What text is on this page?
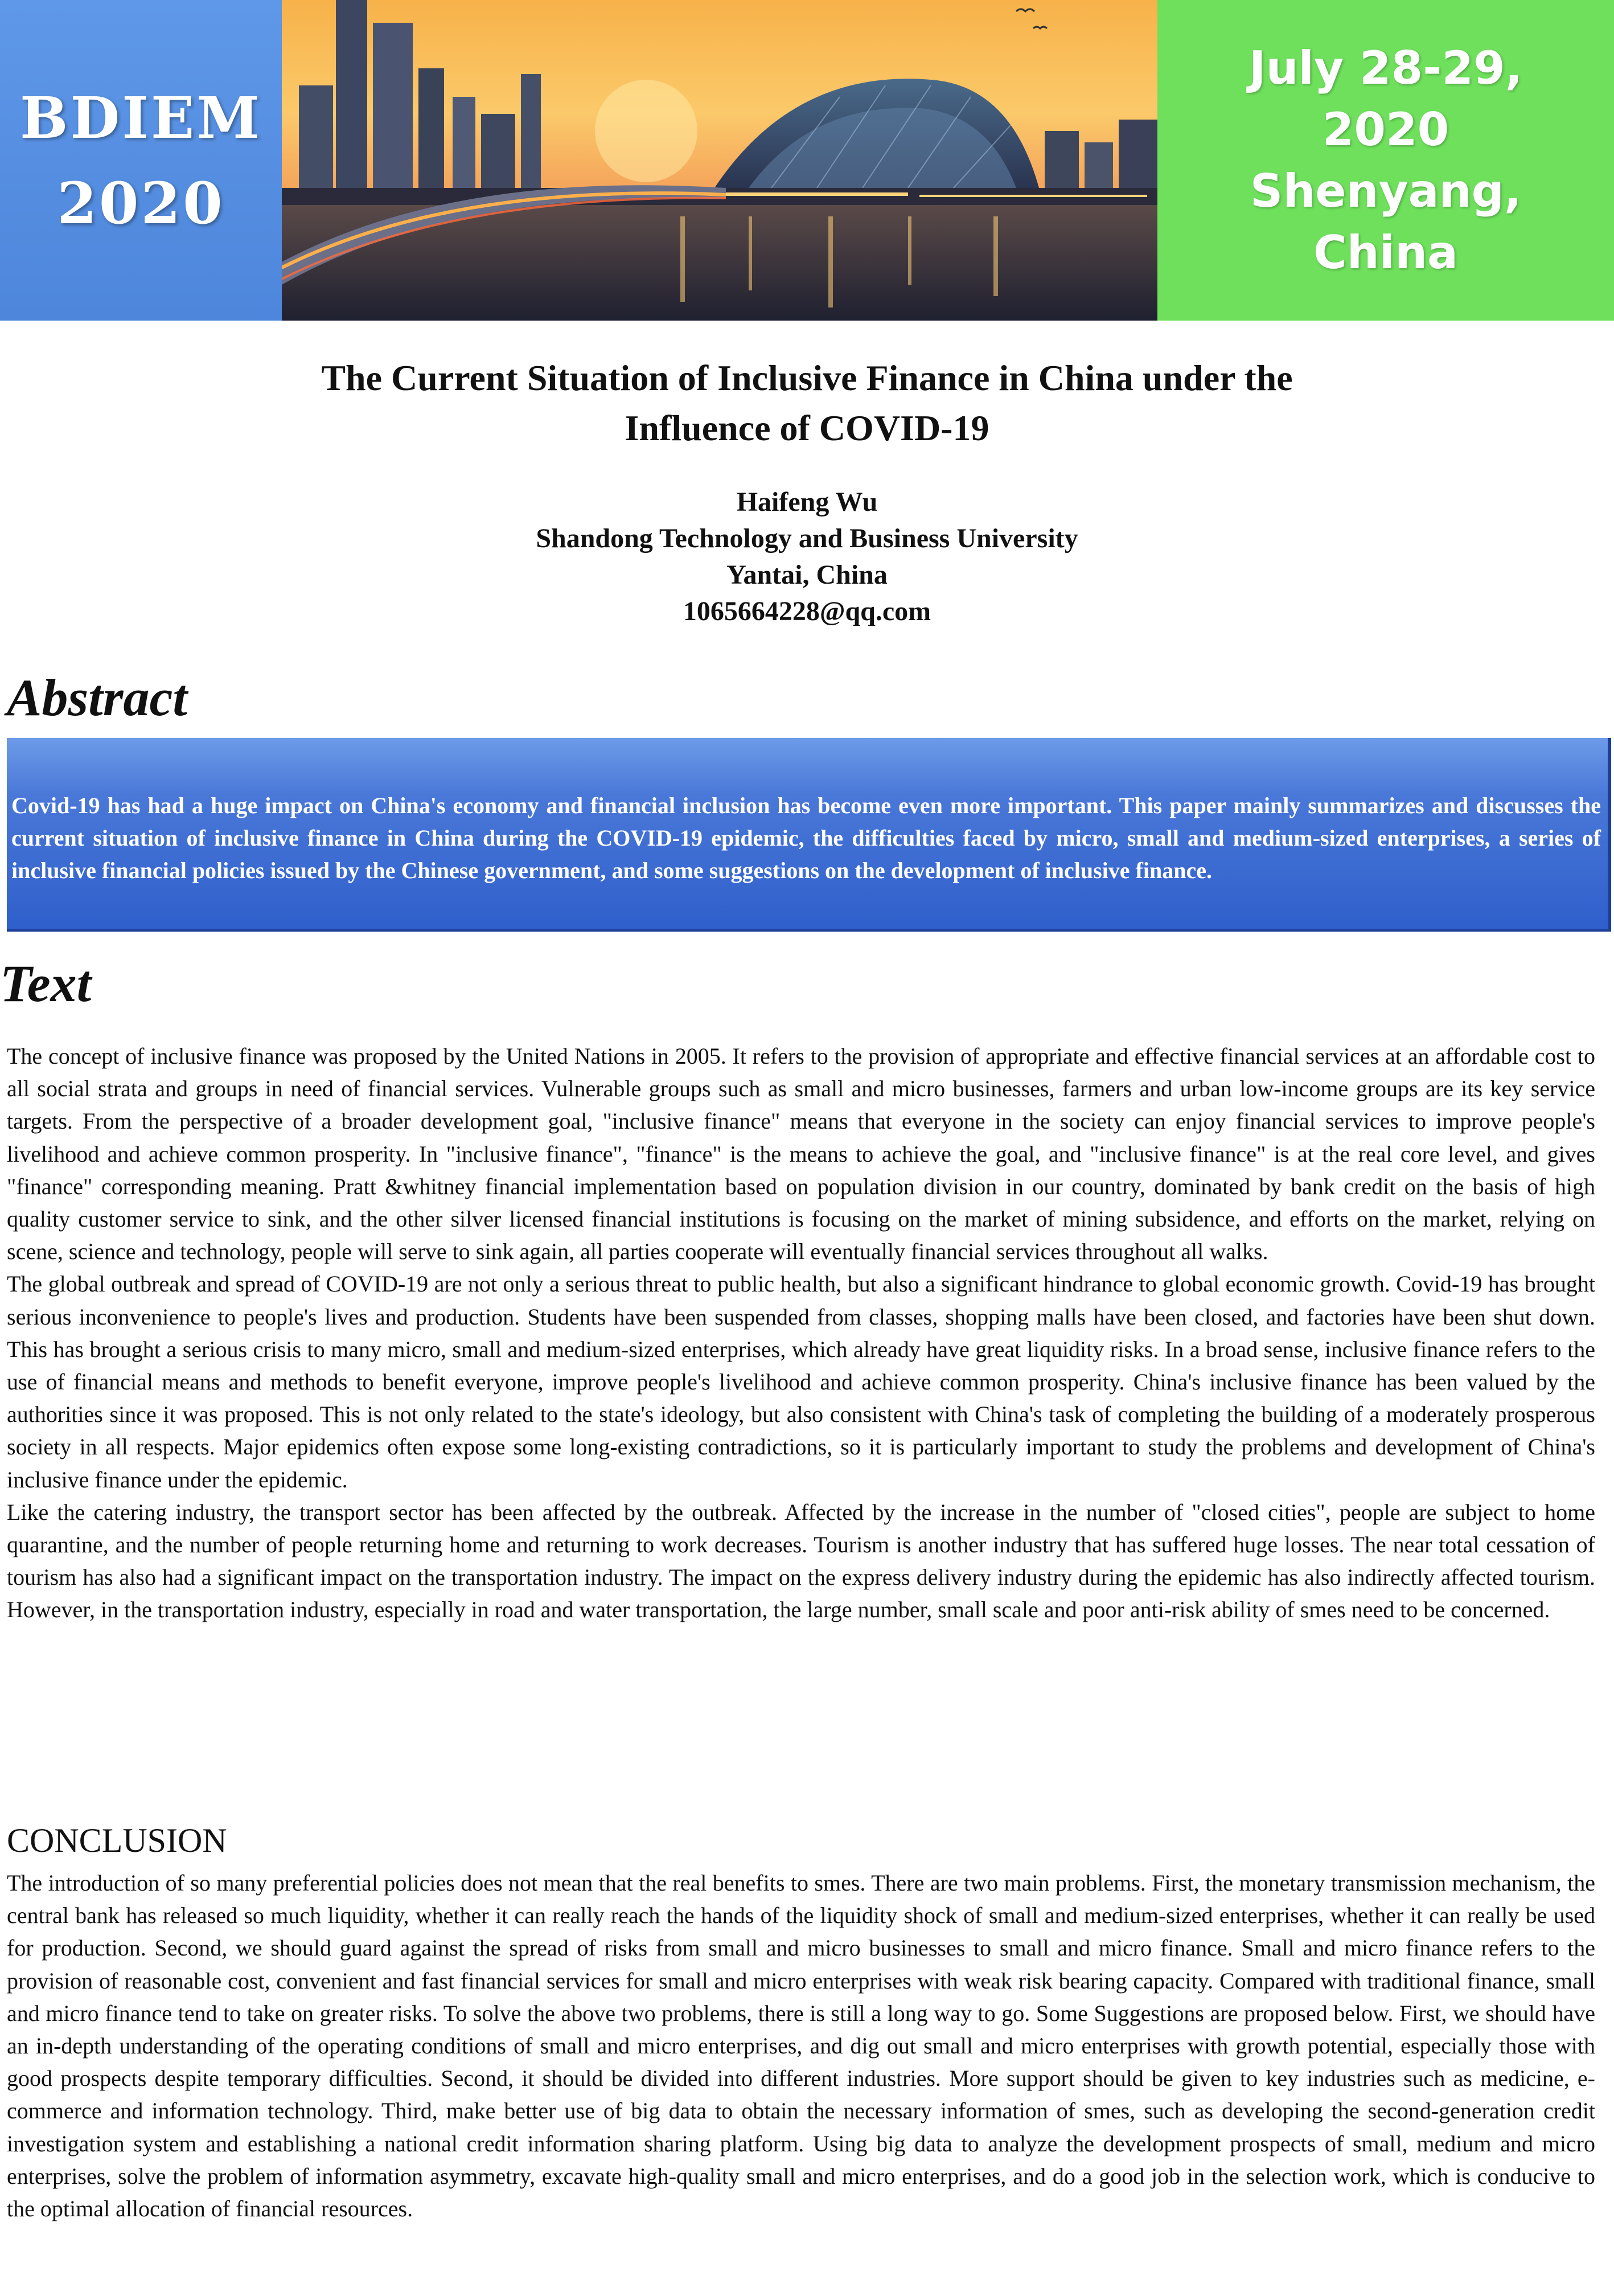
BDIEM
2020
July 28-29,
2020
Shenyang,
China
The Current Situation of Inclusive Finance in China under the
Influence of COVID-19
Haifeng Wu
Shandong Technology and Business University
Yantai, China
1065664228@qq.com
Abstract

Covid-19 has had a huge impact on China's economy and financial inclusion has become even more important. This paper mainly summarizes and discusses the current situation of inclusive finance in China during the COVID-19 epidemic, the difficulties faced by micro, small and medium-sized enterprises, a series of inclusive financial policies issued by the Chinese government, and some suggestions on the development of inclusive finance.

Text

The concept of inclusive finance was proposed by the United Nations in 2005. It refers to the provision of appropriate and effective financial services at an affordable cost to all social strata and groups in need of financial services. Vulnerable groups such as small and micro businesses, farmers and urban low-income groups are its key service targets. From the perspective of a broader development goal, "inclusive finance" means that everyone in the society can enjoy financial services to improve people's livelihood and achieve common prosperity. In "inclusive finance", "finance" is the means to achieve the goal, and "inclusive finance" is at the real core level, and gives "finance" corresponding meaning. Pratt &whitney financial implementation based on population division in our country, dominated by bank credit on the basis of high quality customer service to sink, and the other silver licensed financial institutions is focusing on the market of mining subsidence, and efforts on the market, relying on scene, science and technology, people will serve to sink again, all parties cooperate will eventually financial services throughout all walks.

The global outbreak and spread of COVID-19 are not only a serious threat to public health, but also a significant hindrance to global economic growth. Covid-19 has brought serious inconvenience to people's lives and production. Students have been suspended from classes, shopping malls have been closed, and factories have been shut down. This has brought a serious crisis to many micro, small and medium-sized enterprises, which already have great liquidity risks. In a broad sense, inclusive finance refers to the use of financial means and methods to benefit everyone, improve people's livelihood and achieve common prosperity. China's inclusive finance has been valued by the authorities since it was proposed. This is not only related to the state's ideology, but also consistent with China's task of completing the building of a moderately prosperous society in all respects. Major epidemics often expose some long-existing contradictions, so it is particularly important to study the problems and development of China's inclusive finance under the epidemic.

Like the catering industry, the transport sector has been affected by the outbreak. Affected by the increase in the number of "closed cities", people are subject to home quarantine, and the number of people returning home and returning to work decreases. Tourism is another industry that has suffered huge losses. The near total cessation of tourism has also had a significant impact on the transportation industry. The impact on the express delivery industry during the epidemic has also indirectly affected tourism. However, in the transportation industry, especially in road and water transportation, the large number, small scale and poor anti-risk ability of smes need to be concerned.

CONCLUSION

The introduction of so many preferential policies does not mean that the real benefits to smes. There are two main problems. First, the monetary transmission mechanism, the central bank has released so much liquidity, whether it can really reach the hands of the liquidity shock of small and medium-sized enterprises, whether it can really be used for production. Second, we should guard against the spread of risks from small and micro businesses to small and micro finance. Small and micro finance refers to the provision of reasonable cost, convenient and fast financial services for small and micro enterprises with weak risk bearing capacity. Compared with traditional finance, small and micro finance tend to take on greater risks. To solve the above two problems, there is still a long way to go. Some Suggestions are proposed below. First, we should have an in-depth understanding of the operating conditions of small and micro enterprises, and dig out small and micro enterprises with growth potential, especially those with good prospects despite temporary difficulties. Second, it should be divided into different industries. More support should be given to key industries such as medicine, e-commerce and information technology. Third, make better use of big data to obtain the necessary information of smes, such as developing the second-generation credit investigation system and establishing a national credit information sharing platform. Using big data to analyze the development prospects of small, medium and micro enterprises, solve the problem of information asymmetry, excavate high-quality small and micro enterprises, and do a good job in the selection work, which is conducive to the optimal allocation of financial resources.
